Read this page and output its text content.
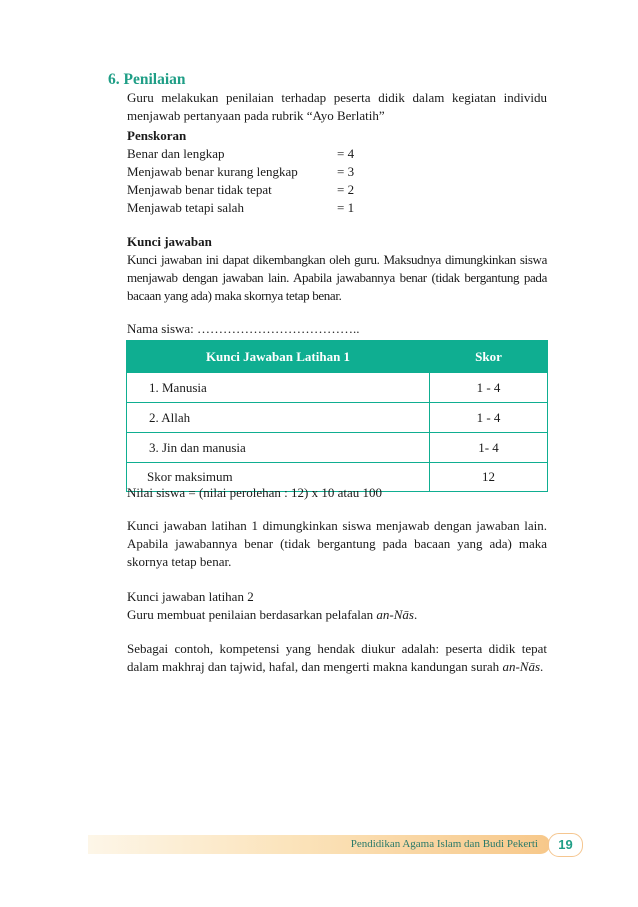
6. Penilaian
Guru melakukan penilaian terhadap peserta didik dalam kegiatan individu menjawab pertanyaan pada rubrik “Ayo Berlatih”
Penskoran
Benar dan lengkap	= 4
Menjawab benar kurang lengkap	= 3
Menjawab benar tidak tepat	= 2
Menjawab tetapi salah	= 1
Kunci jawaban
Kunci jawaban ini dapat dikembangkan oleh guru. Maksudnya dimungkinkan siswa menjawab dengan jawaban lain. Apabila jawabannya benar (tidak bergantung pada bacaan yang ada) maka skornya tetap benar.
Nama siswa: ………………………………..
Kunci Jawaban Latihan 1	Skor
1. Manusia	1 - 4
2. Allah	1 - 4
3. Jin dan manusia	1- 4
Skor maksimum	12
Nilai siswa = (nilai perolehan : 12) x 10 atau 100
Kunci jawaban latihan 1 dimungkinkan siswa menjawab dengan jawaban lain. Apabila jawabannya benar (tidak bergantung pada bacaan yang ada) maka skornya tetap benar.
Kunci jawaban latihan 2
Guru membuat penilaian berdasarkan pelafalan an-Nās.
Sebagai contoh, kompetensi yang hendak diukur adalah: peserta didik tepat dalam makhraj dan tajwid, hafal, dan mengerti makna kandungan surah an-Nās.
Pendidikan Agama Islam dan Budi Pekerti	19
